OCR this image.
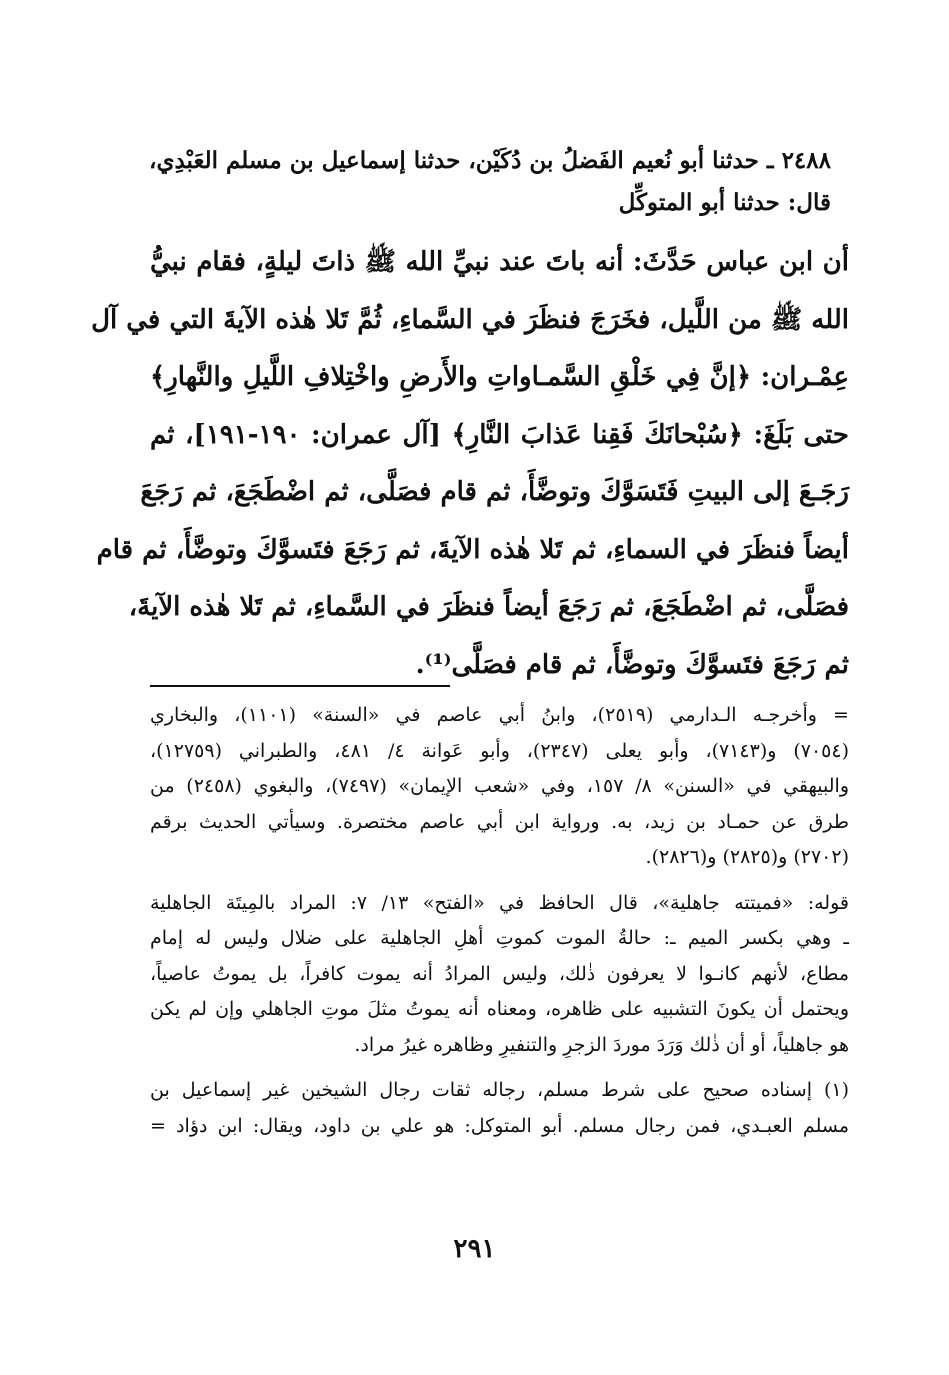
٢٤٨٨ ـ حدثنا أبو نُعيم الفَضلُ بن دُكَيْن، حدثنا إسماعيل بن مسلم العَبْدِي،
قال: حدثنا أبو المتوكِّل
أن ابن عباس حَدَّثَ: أنه باتَ عند نبيِّ الله ﷺ ذاتَ ليلةٍ، فقام نبيُّ
الله ﷺ من اللَّيل، فخَرَجَ فنظَرَ في السَّماءِ، ثُمَّ تَلا هٰذه الآيةَ التي في آل
عِمْـران: ﴿إنَّ فِي خَلْقِ السَّمـاواتِ والأَرضِ واخْتِلافِ اللَّيلِ والنَّهارِ﴾
حتى بَلَغَ: ﴿سُبْحانَكَ فَقِنا عَذابَ النَّارِ﴾ [آل عمران: ١٩٠-١٩١]، ثم
رَجَـعَ إلى البيتِ فَتَسَوَّكَ وتوضَّأَ، ثم قام فصَلَّى، ثم اضْطَجَعَ، ثم رَجَعَ
أيضاً فنظَرَ في السماءِ، ثم تَلا هٰذه الآيةَ، ثم رَجَعَ فتَسوَّكَ وتوضَّأَ، ثم قام
فصَلَّى، ثم اضْطَجَعَ، ثم رَجَعَ أيضاً فنظَرَ في السَّماءِ، ثم تَلا هٰذه الآيةَ،
ثم رَجَعَ فتَسوَّكَ وتوضَّأَ، ثم قام فصَلَّى⁽¹⁾.
= وأخرجـه الـدارمي (٢٥١٩)، وابنُ أبي عاصم في «السنة» (١١٠١)، والبخاري
(٧٠٥٤) و(٧١٤٣)، وأبو يعلى (٢٣٤٧)، وأبو عَوانة ٤/ ٤٨١، والطبراني (١٢٧٥٩)،
والبيهقي في «السنن» ٨/ ١٥٧، وفي «شعب الإيمان» (٧٤٩٧)، والبغوي (٢٤٥٨) من
طرق عن حمـاد بن زيد، به. ورواية ابن أبي عاصم مختصرة. وسيأتي الحديث برقم
(٢٧٠٢) و(٢٨٢٥) و(٢٨٢٦).
قوله: «فميتته جاهلية»، قال الحافظ في «الفتح» ١٣/ ٧: المراد بالمِيتَة الجاهلية
ـ وهي بكسر الميم ـ: حالةُ الموت كموتِ أهلِ الجاهلية على ضلال وليس له إمام
مطاع، لأنهم كانـوا لا يعرفون ذٰلك، وليس المرادُ أنه يموت كافراً، بل يموتُ عاصياً،
ويحتمل أن يكونَ التشبيه على ظاهره، ومعناه أنه يموتُ مثلَ موتِ الجاهلي وإن لم يكن
هو جاهلياً، أو أن ذٰلك وَرَدَ موردَ الزجرِ والتنفيرِ وظاهره غيرُ مراد.
(١) إسناده صحيح على شرط مسلم، رجاله ثقات رجال الشيخين غير إسماعيل بن
مسلم العبـدي، فمن رجال مسلم. أبو المتوكل: هو علي بن داود، ويقال: ابن دؤاد =
٢٩١
